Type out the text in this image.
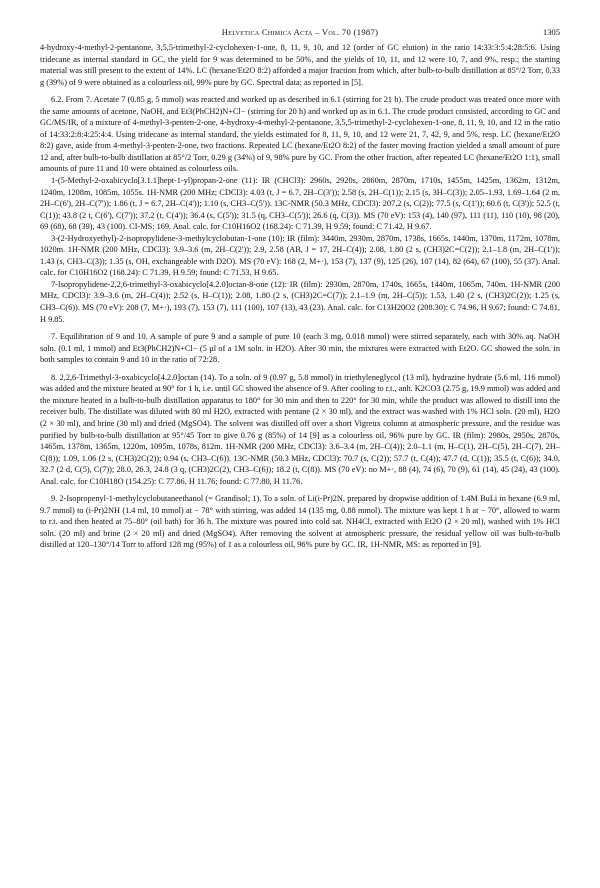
Helvetica Chimica Acta – Vol. 70 (1987)	1305

4-hydroxy-4-methyl-2-pentanone, 3,5,5-trimethyl-2-cyclohexen-1-one, 8, 11, 9, 10, and 12 (order of GC elution) in the ratio 14:33:3:5:4:28:5:6. Using tridecane as internal standard in GC, the yield for 9 was determined to be 50%, and the yields of 10, 11, and 12 were 10, 7, and 9%, resp.; the starting material was still present to the extent of 14%. LC (hexane/Et2O 8:2) afforded a major fraction from which, after bulb-to-bulb distillation at 85°/2 Torr, 0.33 g (39%) of 9 were obtained as a colourless oil, 99% pure by GC. Spectral data: as reported in [5].

6.2. From 7. Acetate 7 (0.85 g, 5 mmol) was reacted and worked up as described in 6.1 (stirring for 21 h). The crude product was treated once more with the same amounts of acetone, NaOH, and Et3(PhCH2)N+Cl− (stirring for 20 h) and worked up as in 6.1. The crude product consisted, according to GC and GC/MS/IR, of a mixture of 4-methyl-3-penten-2-one, 4-hydroxy-4-methyl-2-pentanone, 3,5,5-trimethyl-2-cyclohexen-1-one, 8, 11, 9, 10, and 12 in the ratio of 14:33:2:8:4:25:4:4. Using tridecane as internal standard, the yields estimated for 8, 11, 9, 10, and 12 were 21, 7, 42, 9, and 5%, resp. LC (hexane/Et2O 8:2) gave, aside from 4-methyl-3-penten-2-one, two fractions. Repeated LC (hexane/Et2O 8:2) of the faster moving fraction yielded a small amount of pure 12 and, after bulb-to-bulb distillation at 85°/2 Torr, 0.29 g (34%) of 9, 98% pure by GC. From the other fraction, after repeated LC (hexane/Et2O 1:1), small amounts of pure 11 and 10 were obtained as colourless oils.

1-(5-Methyl-2-oxabicyclo[3.1.1]hept-1-yl)propan-2-one (11): IR (CHCl3): 2960s, 2920s, 2860m, 2870m, 1710s, 1455m, 1425m, 1362m, 1312m, 1240m, 1208m, 1085m, 1055s. 1H-NMR (200 MHz; CDCl3): 4.03 (t, J = 6.7, 2H–C(3')); 2.58 (s, 2H–C(1)); 2.15 (s, 3H–C(3)); 2.05–1.93, 1.69–1.64 (2 m, 2H–C(6'), 2H–C(7')); 1.86 (t, J = 6.7, 2H–C(4')); 1.10 (s, CH3–C(5')). 13C-NMR (50.3 MHz, CDCl3): 207.2 (s, C(2)); 77.5 (s, C(1')); 60.6 (t, C(3')); 52.5 (t, C(1)); 43.8 (2 t, C(6'), C(7')); 37.2 (t, C(4')); 36.4 (s, C(5')); 31.5 (q, CH3–C(5')); 26.6 (q, C(3)). MS (70 eV): 153 (4), 140 (97), 111 (11), 110 (10), 98 (20), 69 (68), 68 (39), 43 (100). CI-MS: 169. Anal. calc. for C10H16O2 (168.24): C 71.39, H 9.59; found: C 71.42, H 9.67.

3-(2-Hydroxyethyl)-2-isopropylidene-3-methylcyclobutan-1-one (10): IR (film): 3440m, 2930m, 2870m, 1738s, 1665s, 1440m, 1370m, 1172m, 1078m, 1020m. 1H-NMR (200 MHz, CDCl3): 3.9–3.6 (m, 2H–C(2')); 2.9, 2.58 (AB, J = 17, 2H–C(4)); 2.08, 1.80 (2 s, (CH3)2C=C(2)); 2.1–1.8 (m, 2H–C(1')); 1.43 (s, CH3–C(3)); 1.35 (s, OH, exchangeable with D2O). MS (70 eV): 168 (2, M+·), 153 (7), 137 (9), 125 (26), 107 (14), 82 (64), 67 (100), 55 (37). Anal. calc. for C10H16O2 (168.24): C 71.39, H 9.59; found: C 71.53, H 9.65.

7-Isopropylidene-2,2,6-trimethyl-3-oxabicyclo[4.2.0]octan-8-one (12): IR (film): 2930m, 2870m, 1740s, 1665s, 1440m, 1065m, 740m. 1H-NMR (200 MHz, CDCl3): 3.9–3.6 (m, 2H–C(4)); 2.52 (s, H–C(1)); 2.08, 1.80 (2 s, (CH3)2C=C(7)); 2.1–1.9 (m, 2H–C(5)); 1.53, 1.40 (2 s, (CH3)2C(2)); 1.25 (s, CH3–C(6)). MS (70 eV): 208 (7, M+·), 193 (7), 153 (7), 111 (100), 107 (13), 43 (23). Anal. calc. for C13H20O2 (208.30): C 74.96, H 9.67; found: C 74.81, H 9.85.

7. Equilibration of 9 and 10. A sample of pure 9 and a sample of pure 10 (each 3 mg, 0.018 mmol) were stirred separately, each with 30% aq. NaOH soln. (0.1 ml, 1 mmol) and Et3(PhCH2)N+Cl− (5 μl of a 1M soln. in H2O). After 30 min, the mixtures were extracted with Et2O. GC showed the soln. in both samples to contain 9 and 10 in the ratio of 72:28.

8. 2,2,6-Trimethyl-3-oxabicyclo[4.2.0]octan (14). To a soln. of 9 (0.97 g, 5.8 mmol) in triethyleneglycol (13 ml), hydrazine hydrate (5.6 ml, 116 mmol) was added and the mixture heated at 90° for 1 h, i.e. until GC showed the absence of 9. After cooling to r.t., anh. K2CO3 (2.75 g, 19.9 mmol) was added and the mixture heated in a bulb-to-bulb distillation apparatus to 180° for 30 min and then to 220° for 30 min, while the product was allowed to distill into the receiver bulb. The distillate was diluted with 80 ml H2O, extracted with pentane (2 × 30 ml), and the extract was washed with 1% HCl soln. (20 ml), H2O (2 × 30 ml), and brine (30 ml) and dried (MgSO4). The solvent was distilled off over a short Vigreux column at atmospheric pressure, and the residue was purified by bulb-to-bulb distillation at 95°/45 Torr to give 0.76 g (85%) of 14 [9] as a colourless oil, 96% pure by GC. IR (film): 2980s, 2950s, 2870s, 1465m, 1378m, 1365m, 1220m, 1095m, 1078s, 812m. 1H-NMR (200 MHz, CDCl3): 3.6–3.4 (m, 2H–C(4)); 2.0–1.1 (m, H–C(1), 2H–C(5), 2H–C(7), 2H–C(8)); 1.09, 1.06 (2 s, (CH3)2C(2)); 0.94 (s, CH3–C(6)). 13C-NMR (50.3 MHz, CDCl3): 70.7 (s, C(2)); 57.7 (t, C(4)); 47.7 (d, C(1)); 35.5 (t, C(6)); 34.0, 32.7 (2 d, C(5), C(7)); 28.0, 26.3, 24.8 (3 q, (CH3)2C(2), CH3–C(6)); 18.2 (t, C(8)). MS (70 eV): no M+·, 88 (4), 74 (6), 70 (9), 61 (14), 45 (24), 43 (100). Anal. calc. for C10H18O (154.25): C 77.86, H 11.76; found: C 77.80, H 11.76.

9. 2-Isopropenyl-1-methylcyclobutaneethanol (= Grandisol; 1). To a soln. of Li(i-Pr)2N, prepared by dropwise addition of 1.4M BuLi in hexane (6.9 ml, 9.7 mmol) to (i-Pr)2NH (1.4 ml, 10 mmol) at − 78° with stirring, was added 14 (135 mg, 0.88 mmol). The mixture was kept 1 h at − 70°, allowed to warm to r.t. and then heated at 75–80° (oil bath) for 36 h. The mixture was poured into cold sat. NH4Cl, extracted with Et2O (2 × 20 ml), washed with 1% HCl soln. (20 ml) and brine (2 × 20 ml) and dried (MgSO4). After removing the solvent at atmospheric pressure, the residual yellow oil was bulb-to-bulb distilled at 120–130°/14 Torr to afford 128 mg (95%) of 1 as a colourless oil, 96% pure by GC. IR, 1H-NMR, MS: as reported in [9].
